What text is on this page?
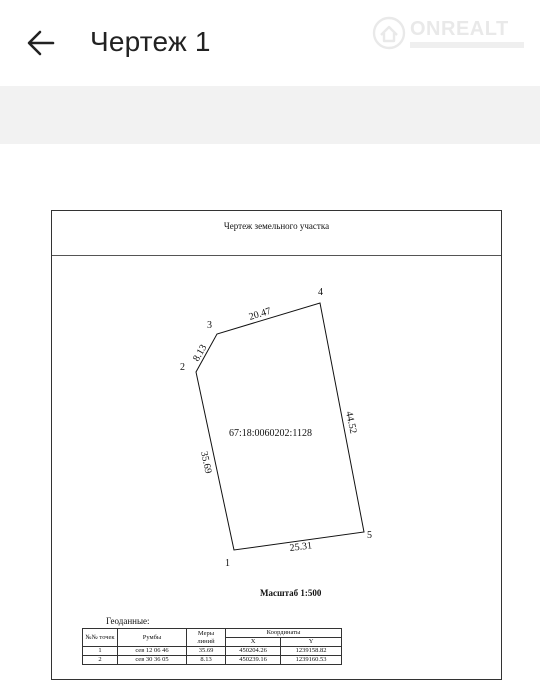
Чертеж 1	ONREALT
Чертеж земельного участка
1
2
3
4
5
35.69
8.13
20.47
44.52
25.31
67:18:0060202:1128
Масштаб 1:500
Геоданные:
№№ точек	Румбы	Меры линий	Координаты	
			X	Y
1	сев 12 06 46	35.69	450204.26	1239158.82
2	сев 30 36 05	8.13	450239.16	1239160.53
